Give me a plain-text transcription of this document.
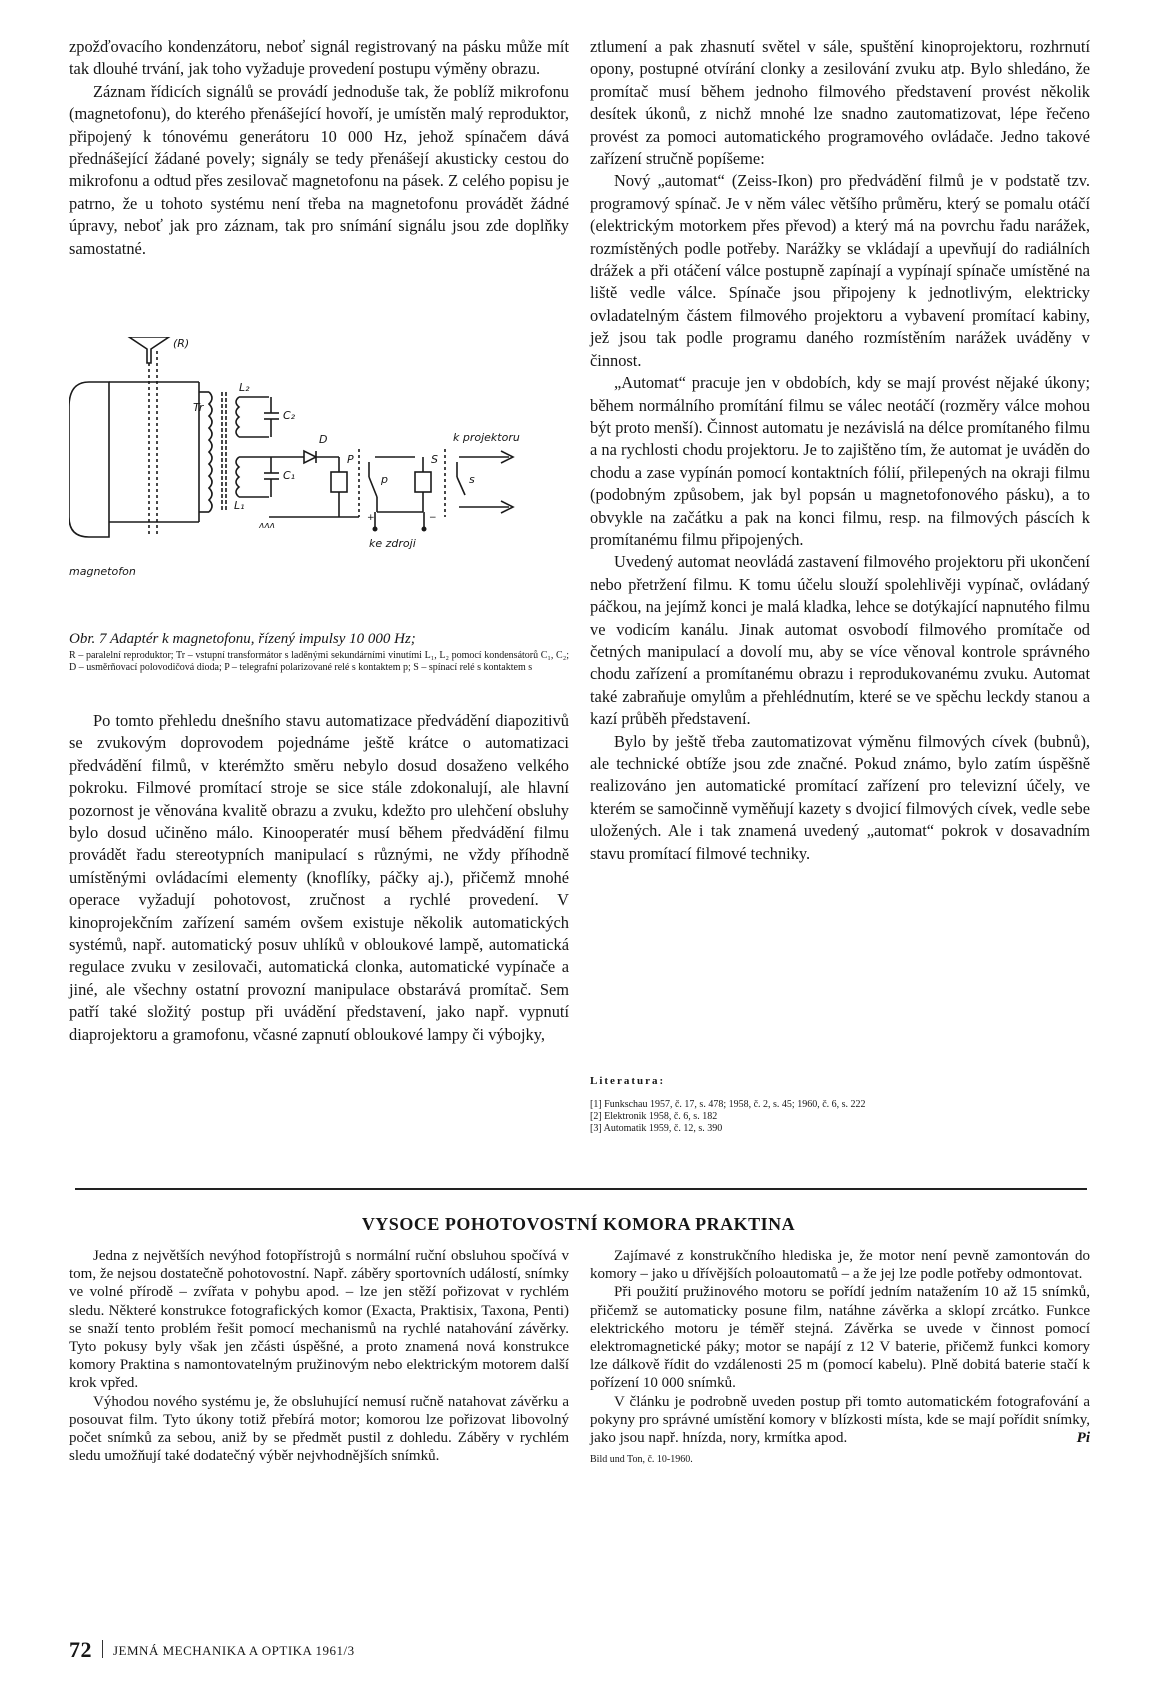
zpožďovacího kondenzátoru, neboť signál registrovaný na pásku může mít tak dlouhé trvání, jak toho vyžaduje provedení postupu výměny obrazu.

Záznam řídicích signálů se provádí jednoduše tak, že poblíž mikrofonu (magnetofonu), do kterého přenášející hovoří, je umístěn malý reproduktor, připojený k tónovému generátoru 10 000 Hz, jehož spínačem dává přednášející žádané povely; signály se tedy přenášejí akusticky cestou do mikrofonu a odtud přes zesilovač magnetofonu na pásek. Z celého popisu je patrno, že u tohoto systému není třeba na magnetofonu provádět žádné úpravy, neboť jak pro záznam, tak pro snímání signálu jsou zde doplňky samostatné.

(R)
Tr
L₂
C₂
C₁
L₁
D
P
p
S
s
k projektoru
+	−
ke zdroji
ᴧᴧᴧ
magnetofon

Obr. 7 Adaptér k magnetofonu, řízený impulsy 10 000 Hz;

R – paralelní reproduktor; Tr – vstupní transformátor s laděnými sekundárními vinutími L₁, L₂ pomocí kondensátorů C₁, C₂; D – usměrňovací polovodičová dioda; P – telegrafní polarizované relé s kontaktem p; S – spínací relé s kontaktem s

Po tomto přehledu dnešního stavu automatizace předvádění diapozitivů se zvukovým doprovodem pojednáme ještě krátce o automatizaci předvádění filmů, v kterémžto směru nebylo dosud dosaženo velkého pokroku. Filmové promítací stroje se sice stále zdokonalují, ale hlavní pozornost je věnována kvalitě obrazu a zvuku, kdežto pro ulehčení obsluhy bylo dosud učiněno málo. Kinooperatér musí během předvádění filmu provádět řadu stereotypních manipulací s různými, ne vždy příhodně umístěnými ovládacími elementy (knoflíky, páčky aj.), přičemž mnohé operace vyžadují pohotovost, zručnost a rychlé provedení. V kinoprojekčním zařízení samém ovšem existuje několik automatických systémů, např. automatický posuv uhlíků v obloukové lampě, automatická regulace zvuku v zesilovači, automatická clonka, automatické vypínače a jiné, ale všechny ostatní provozní manipulace obstarává promítač. Sem patří také složitý postup při uvádění představení, jako např. vypnutí diaprojektoru a gramofonu, včasné zapnutí obloukové lampy či výbojky,

ztlumení a pak zhasnutí světel v sále, spuštění kinoprojektoru, rozhrnutí opony, postupné otvírání clonky a zesilování zvuku atp. Bylo shledáno, že promítač musí během jednoho filmového představení provést několik desítek úkonů, z nichž mnohé lze snadno zautomatizovat, lépe řečeno provést za pomoci automatického programového ovládače. Jedno takové zařízení stručně popíšeme:

Nový „automat“ (Zeiss-Ikon) pro předvádění filmů je v podstatě tzv. programový spínač. Je v něm válec většího průměru, který se pomalu otáčí (elektrickým motorkem přes převod) a který má na povrchu řadu narážek, rozmístěných podle potřeby. Narážky se vkládají a upevňují do radiálních drážek a při otáčení válce postupně zapínají a vypínají spínače umístěné na liště vedle válce. Spínače jsou připojeny k jednotlivým, elektricky ovladatelným částem filmového projektoru a vybavení promítací kabiny, jež jsou tak podle programu daného rozmístěním narážek uváděny v činnost.

„Automat“ pracuje jen v obdobích, kdy se mají provést nějaké úkony; během normálního promítání filmu se válec neotáčí (rozměry válce mohou být proto menší). Činnost automatu je nezávislá na délce promítaného filmu a na rychlosti chodu projektoru. Je to zajištěno tím, že automat je uváděn do chodu a zase vypínán pomocí kontaktních fólií, přilepených na okraji filmu (podobným způsobem, jak byl popsán u magnetofonového pásku), a to obvykle na začátku a pak na konci filmu, resp. na filmových páscích k promítanému filmu připojených.

Uvedený automat neovládá zastavení filmového projektoru při ukončení nebo přetržení filmu. K tomu účelu slouží spolehlivěji vypínač, ovládaný páčkou, na jejímž konci je malá kladka, lehce se dotýkající napnutého filmu ve vodicím kanálu. Jinak automat osvobodí filmového promítače od četných manipulací a dovolí mu, aby se více věnoval kontrole správného chodu zařízení a promítanému obrazu i reprodukovanému zvuku. Automat také zabraňuje omylům a přehlédnutím, které se ve spěchu leckdy stanou a kazí průběh představení.

Bylo by ještě třeba zautomatizovat výměnu filmových cívek (bubnů), ale technické obtíže jsou zde značné. Pokud známo, bylo zatím úspěšně realizováno jen automatické promítací zařízení pro televizní účely, ve kterém se samočinně vyměňují kazety s dvojicí filmových cívek, vedle sebe uložených. Ale i tak znamená uvedený „automat“ pokrok v dosavadním stavu promítací filmové techniky.

Literatura:

[1] Funkschau 1957, č. 17, s. 478; 1958, č. 2, s. 45; 1960, č. 6, s. 222
[2] Elektronik 1958, č. 6, s. 182
[3] Automatik 1959, č. 12, s. 390
VYSOCE POHOTOVOSTNÍ KOMORA PRAKTINA

Jedna z největších nevýhod fotopřístrojů s normální ruční obsluhou spočívá v tom, že nejsou dostatečně pohotovostní. Např. záběry sportovních událostí, snímky ve volné přírodě – zvířata v pohybu apod. – lze jen stěží pořizovat v rychlém sledu. Některé konstrukce fotografických komor (Exacta, Praktisix, Taxona, Penti) se snaží tento problém řešit pomocí mechanismů na rychlé natahování závěrky. Tyto pokusy byly však jen zčásti úspěšné, a proto znamená nová konstrukce komory Praktina s namontovatelným pružinovým nebo elektrickým motorem další krok vpřed.

Výhodou nového systému je, že obsluhující nemusí ručně natahovat závěrku a posouvat film. Tyto úkony totiž přebírá motor; komorou lze pořizovat libovolný počet snímků za sebou, aniž by se předmět pustil z dohledu. Záběry v rychlém sledu umožňují také dodatečný výběr nejvhodnějších snímků.

Zajímavé z konstrukčního hlediska je, že motor není pevně zamontován do komory – jako u dřívějších poloautomatů – a že jej lze podle potřeby odmontovat.

Při použití pružinového motoru se pořídí jedním natažením 10 až 15 snímků, přičemž se automaticky posune film, natáhne závěrka a sklopí zrcátko. Funkce elektrického motoru je téměř stejná. Závěrka se uvede v činnost pomocí elektromagnetické páky; motor se napájí z 12 V baterie, přičemž funkci komory lze dálkově řídit do vzdálenosti 25 m (pomocí kabelu). Plně dobitá baterie stačí k pořízení 10 000 snímků.

V článku je podrobně uveden postup při tomto automatickém fotografování a pokyny pro správné umístění komory v blízkosti místa, kde se mají pořídit snímky, jako jsou např. hnízda, nory, krmítka apod.	Pi

Bild und Ton, č. 10-1960.

72 JEMNÁ MECHANIKA A OPTIKA 1961/3
